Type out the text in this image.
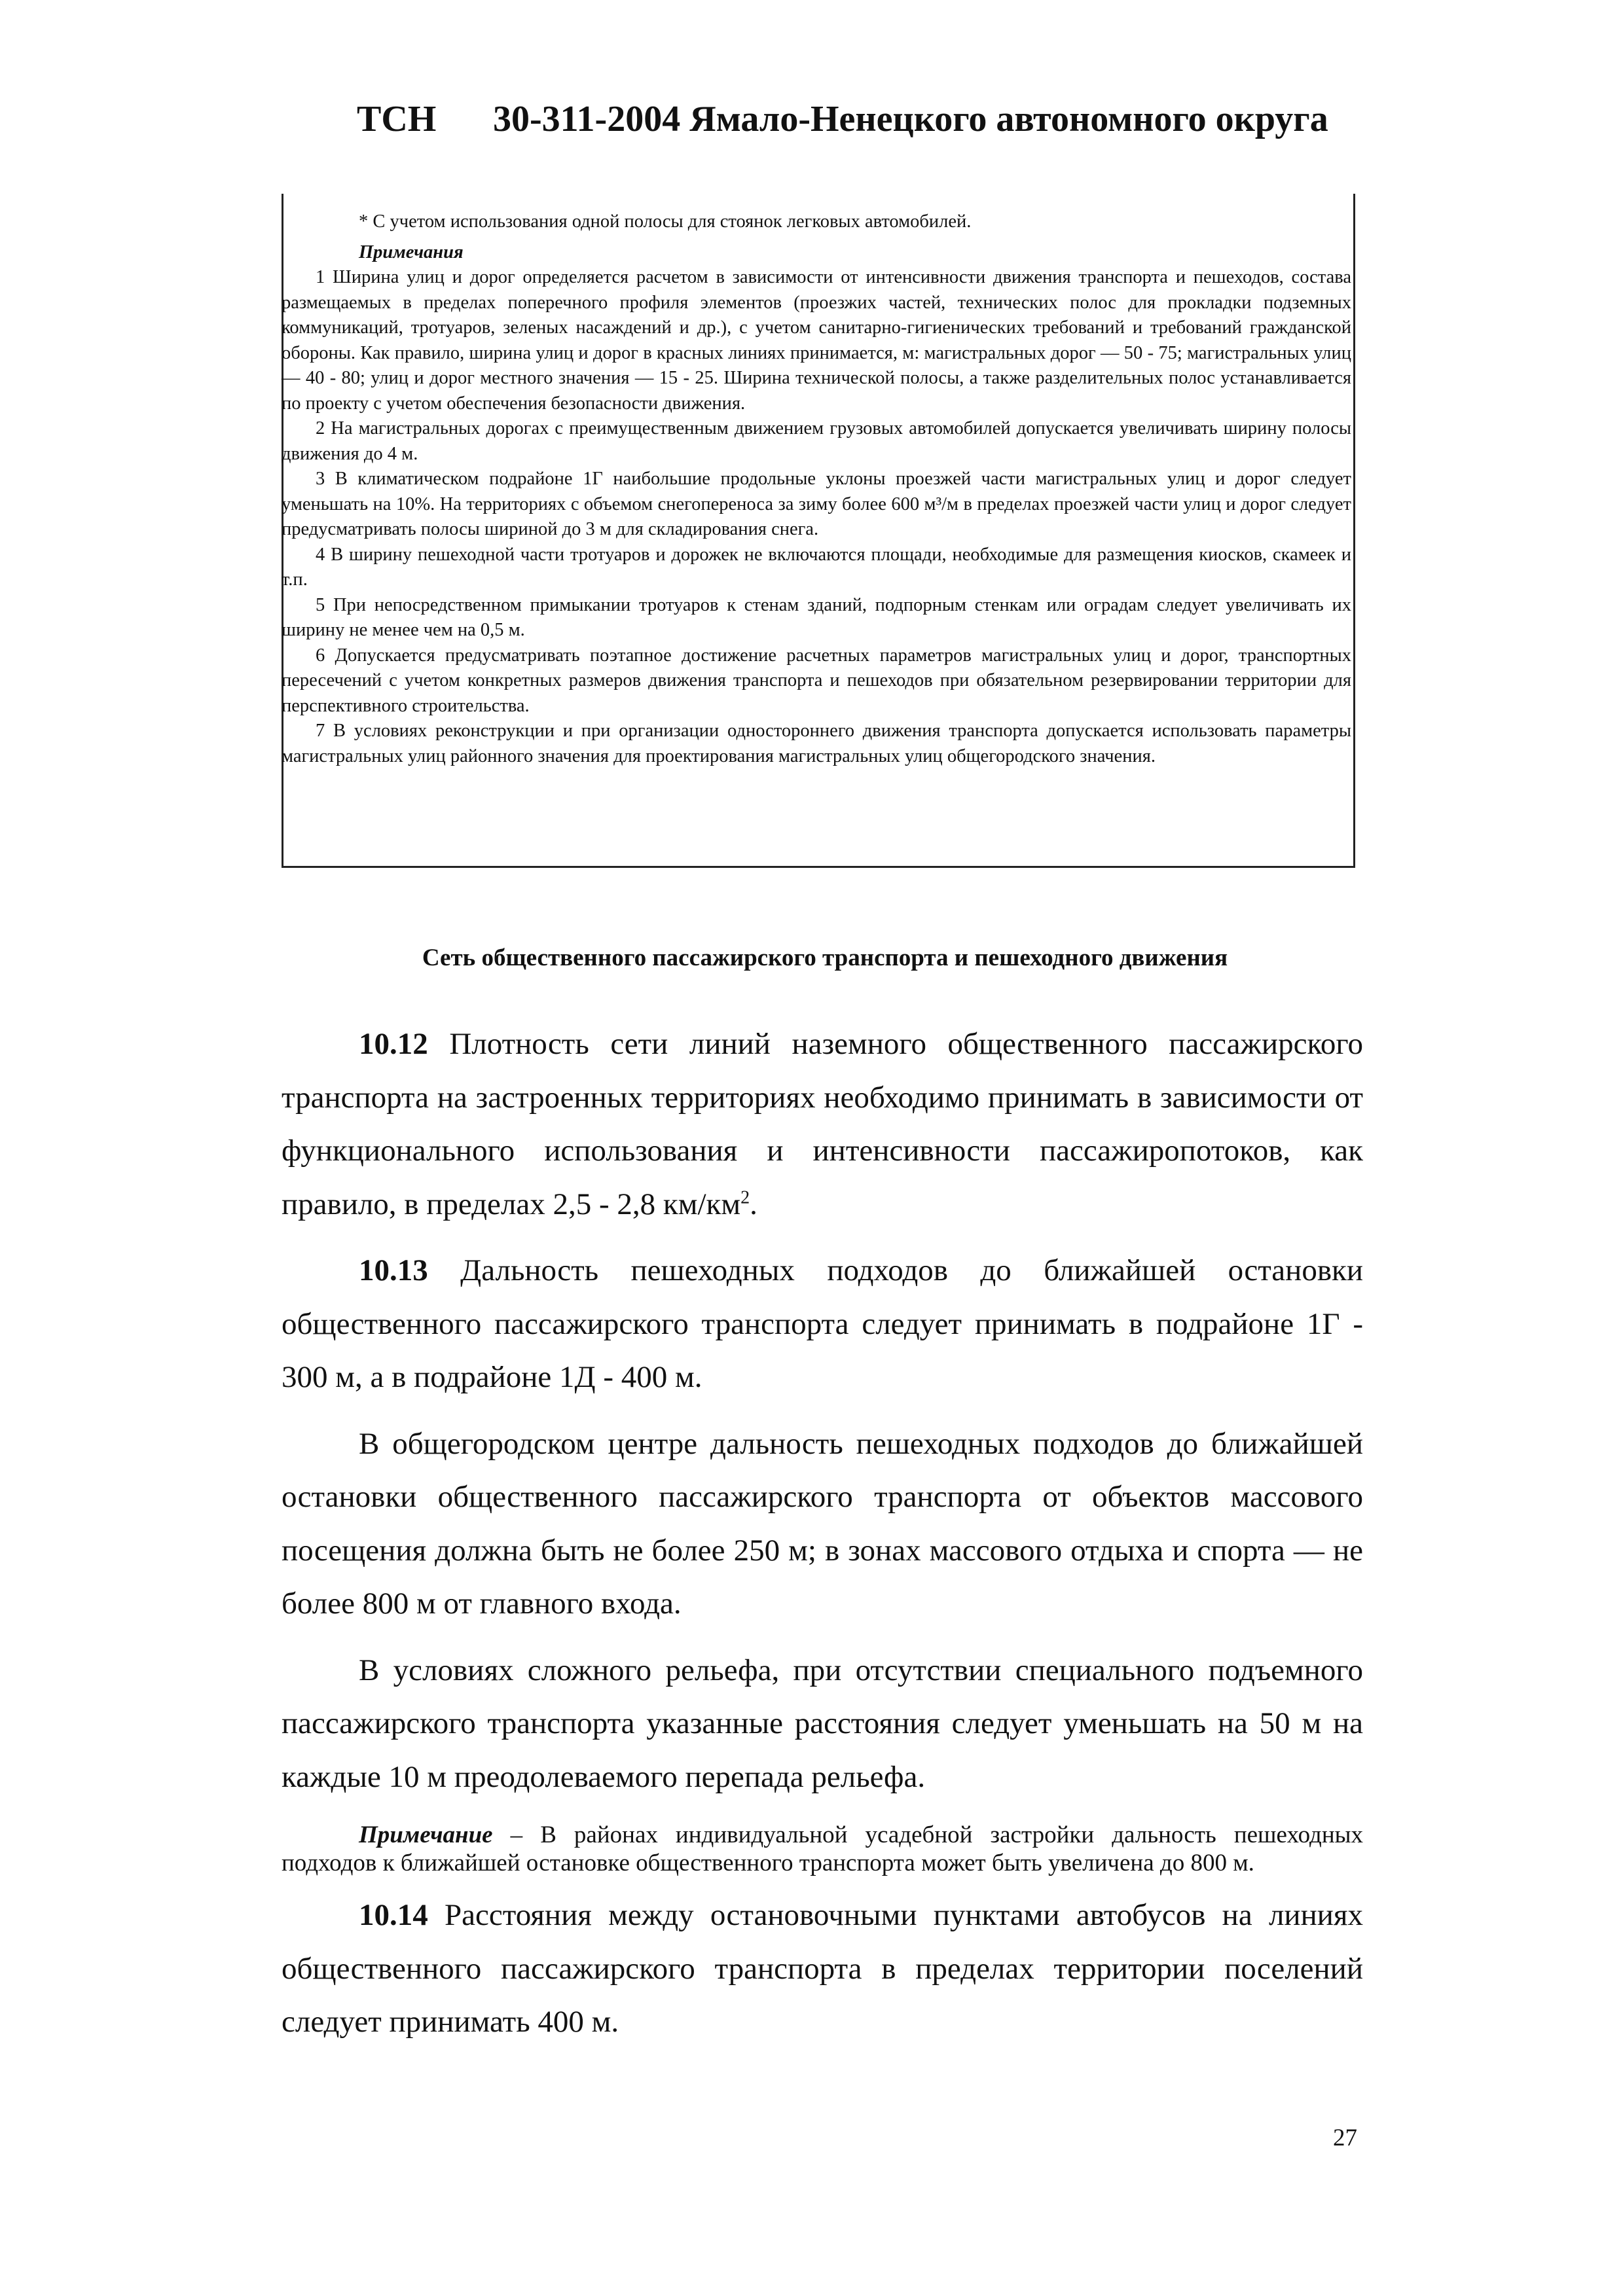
ТСН 30-311-2004 Ямало-Ненецкого автономного округа

* С учетом использования одной полосы для стоянок легковых автомобилей.

Примечания

1 Ширина улиц и дорог определяется расчетом в зависимости от интенсивности движения транспорта и пешеходов, состава размещаемых в пределах поперечного профиля элементов (проезжих частей, технических полос для прокладки подземных коммуникаций, тротуаров, зеленых насаждений и др.), с учетом санитарно-гигиенических требований и требований гражданской обороны. Как правило, ширина улиц и дорог в красных линиях принимается, м: магистральных дорог — 50 - 75; магистральных улиц — 40 - 80; улиц и дорог местного значения — 15 - 25. Ширина технической полосы, а также разделительных полос устанавливается по проекту с учетом обеспечения безопасности движения.

2 На магистральных дорогах с преимущественным движением грузовых автомобилей допускается увеличивать ширину полосы движения до 4 м.

3 В климатическом подрайоне 1Г наибольшие продольные уклоны проезжей части магистральных улиц и дорог следует уменьшать на 10%. На территориях с объемом снегопереноса за зиму более 600 м³/м в пределах проезжей части улиц и дорог следует предусматривать полосы шириной до 3 м для складирования снега.

4 В ширину пешеходной части тротуаров и дорожек не включаются площади, необходимые для размещения киосков, скамеек и т.п.

5 При непосредственном примыкании тротуаров к стенам зданий, подпорным стенкам или оградам следует увеличивать их ширину не менее чем на 0,5 м.

6 Допускается предусматривать поэтапное достижение расчетных параметров магистральных улиц и дорог, транспортных пересечений с учетом конкретных размеров движения транспорта и пешеходов при обязательном резервировании территории для перспективного строительства.

7 В условиях реконструкции и при организации одностороннего движения транспорта допускается использовать параметры магистральных улиц районного значения для проектирования магистральных улиц общегородского значения.

Сеть общественного пассажирского транспорта и пешеходного движения

10.12 Плотность сети линий наземного общественного пассажирского транспорта на застроенных территориях необходимо принимать в зависимости от функционального использования и интенсивности пассажиропотоков, как правило, в пределах 2,5 - 2,8 $км/км^2$.

10.13 Дальность пешеходных подходов до ближайшей остановки общественного пассажирского транспорта следует принимать в подрайоне 1Г - 300 м, а в подрайоне 1Д - 400 м.

В общегородском центре дальность пешеходных подходов до ближайшей остановки общественного пассажирского транспорта от объектов массового посещения должна быть не более 250 м; в зонах массового отдыха и спорта — не более 800 м от главного входа.

В условиях сложного рельефа, при отсутствии специального подъемного пассажирского транспорта указанные расстояния следует уменьшать на 50 м на каждые 10 м преодолеваемого перепада рельефа.

Примечание – В районах индивидуальной усадебной застройки дальность пешеходных подходов к ближайшей остановке общественного транспорта может быть увеличена до 800 м.

10.14 Расстояния между остановочными пунктами автобусов на линиях общественного пассажирского транспорта в пределах территории поселений следует принимать 400 м.

27
